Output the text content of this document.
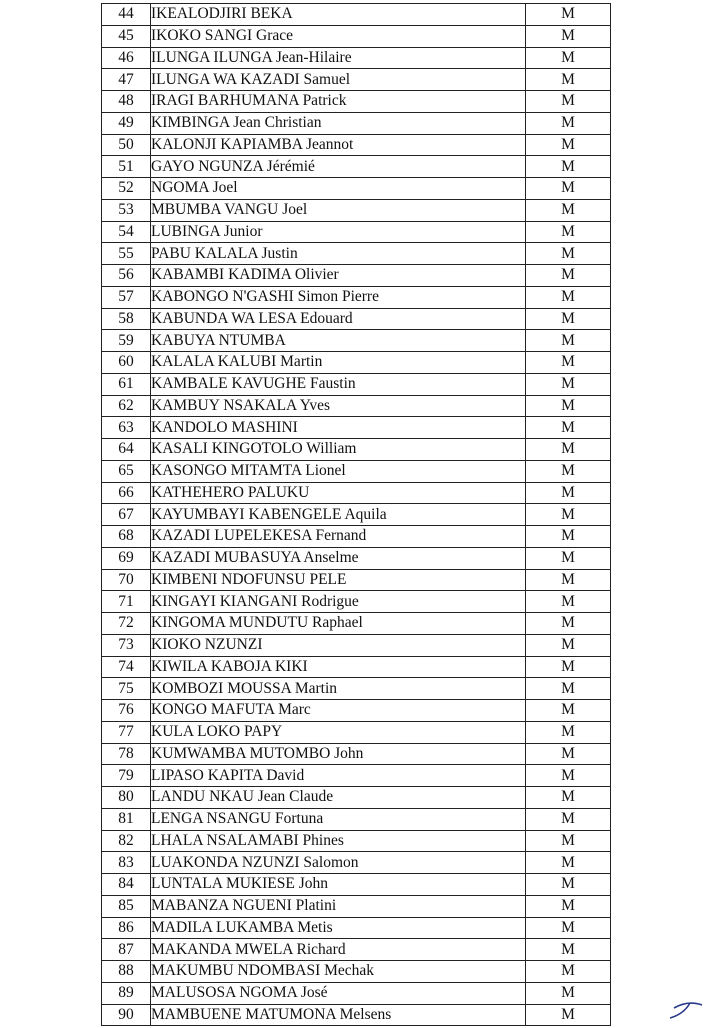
44	IKEALODJIRI BEKA	M
45	IKOKO SANGI Grace	M
46	ILUNGA ILUNGA Jean-Hilaire	M
47	ILUNGA WA KAZADI Samuel	M
48	IRAGI BARHUMANA Patrick	M
49	KIMBINGA Jean Christian	M
50	KALONJI KAPIAMBA Jeannot	M
51	GAYO NGUNZA Jérémié	M
52	NGOMA Joel	M
53	MBUMBA VANGU Joel	M
54	LUBINGA Junior	M
55	PABU KALALA Justin	M
56	KABAMBI KADIMA Olivier	M
57	KABONGO N'GASHI Simon Pierre	M
58	KABUNDA WA LESA Edouard	M
59	KABUYA NTUMBA	M
60	KALALA KALUBI Martin	M
61	KAMBALE KAVUGHE Faustin	M
62	KAMBUY NSAKALA Yves	M
63	KANDOLO MASHINI	M
64	KASALI KINGOTOLO William	M
65	KASONGO MITAMTA Lionel	M
66	KATHEHERO PALUKU	M
67	KAYUMBAYI KABENGELE Aquila	M
68	KAZADI LUPELEKESA Fernand	M
69	KAZADI MUBASUYA Anselme	M
70	KIMBENI NDOFUNSU PELE	M
71	KINGAYI KIANGANI Rodrigue	M
72	KINGOMA MUNDUTU Raphael	M
73	KIOKO NZUNZI	M
74	KIWILA KABOJA KIKI	M
75	KOMBOZI MOUSSA Martin	M
76	KONGO MAFUTA Marc	M
77	KULA LOKO PAPY	M
78	KUMWAMBA MUTOMBO John	M
79	LIPASO KAPITA David	M
80	LANDU NKAU Jean Claude	M
81	LENGA NSANGU Fortuna	M
82	LHALA NSALAMABI Phines	M
83	LUAKONDA NZUNZI Salomon	M
84	LUNTALA MUKIESE John	M
85	MABANZA NGUENI Platini	M
86	MADILA LUKAMBA Metis	M
87	MAKANDA MWELA Richard	M
88	MAKUMBU NDOMBASI Mechak	M
89	MALUSOSA NGOMA José	M
90	MAMBUENE MATUMONA Melsens	M
